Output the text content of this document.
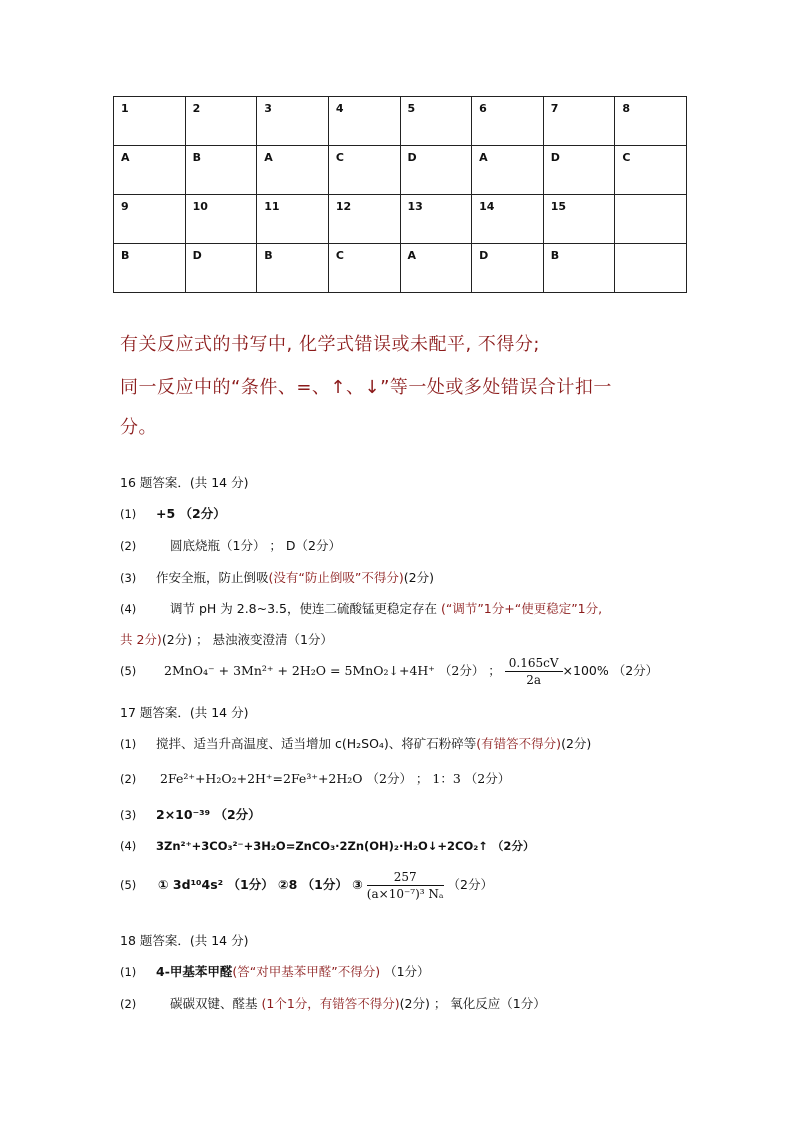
1	2	3	4	5	6	7	8
A	B	A	C	D	A	D	C
9	10	11	12	13	14	15	
B	D	B	C	A	D	B	
有关反应式的书写中, 化学式错误或未配平, 不得分;
同一反应中的“条件、=、↑、↓”等一处或多处错误合计扣一
分。
16 题答案．(共 14 分)
(1) +5 （2分）
(2)	圆底烧瓶（1分） ； D（2分）
(3) 作安全瓶，防止倒吸(没有“防止倒吸”不得分)(2分)
(4)	调节 pH 为 2.8~3.5，使连二硫酸锰更稳定存在 (“调节”1分+“使更稳定”1分,
共 2分)(2分) ； 悬浊液变澄清（1分）
(5) 2MnO₄⁻ + 3Mn²⁺ + 2H₂O = 5MnO₂↓+4H⁺ （2分） ； $\frac{0.165cV}{2a} \times 100\%$ （2分）
17 题答案．(共 14 分)
(1) 搅拌、适当升高温度、适当增加 c(H₂SO₄)、将矿石粉碎等(有错答不得分)(2分)
(2) 2Fe²⁺+H₂O₂+2H⁺=2Fe³⁺+2H₂O （2分） ； 1：3 （2分）
(3) 2×10⁻³⁹ （2分）
(4) 3Zn²⁺+3CO₃²⁻+3H₂O=ZnCO₃·2Zn(OH)₂·H₂O↓+2CO₂↑ （2分）
(5) ① 3d¹⁰4s² （1分） ②8 （1分） ③ $\frac{257}{\text{(a×10⁻⁷)³ Nₐ}} (2$分）
18 题答案．(共 14 分)
(1) 4-甲基苯甲醛(答“对甲基苯甲醛”不得分) （1分）
(2)	碳碳双键、醛基 (1个1分，有错答不得分)(2分) ； 氧化反应（1分）
